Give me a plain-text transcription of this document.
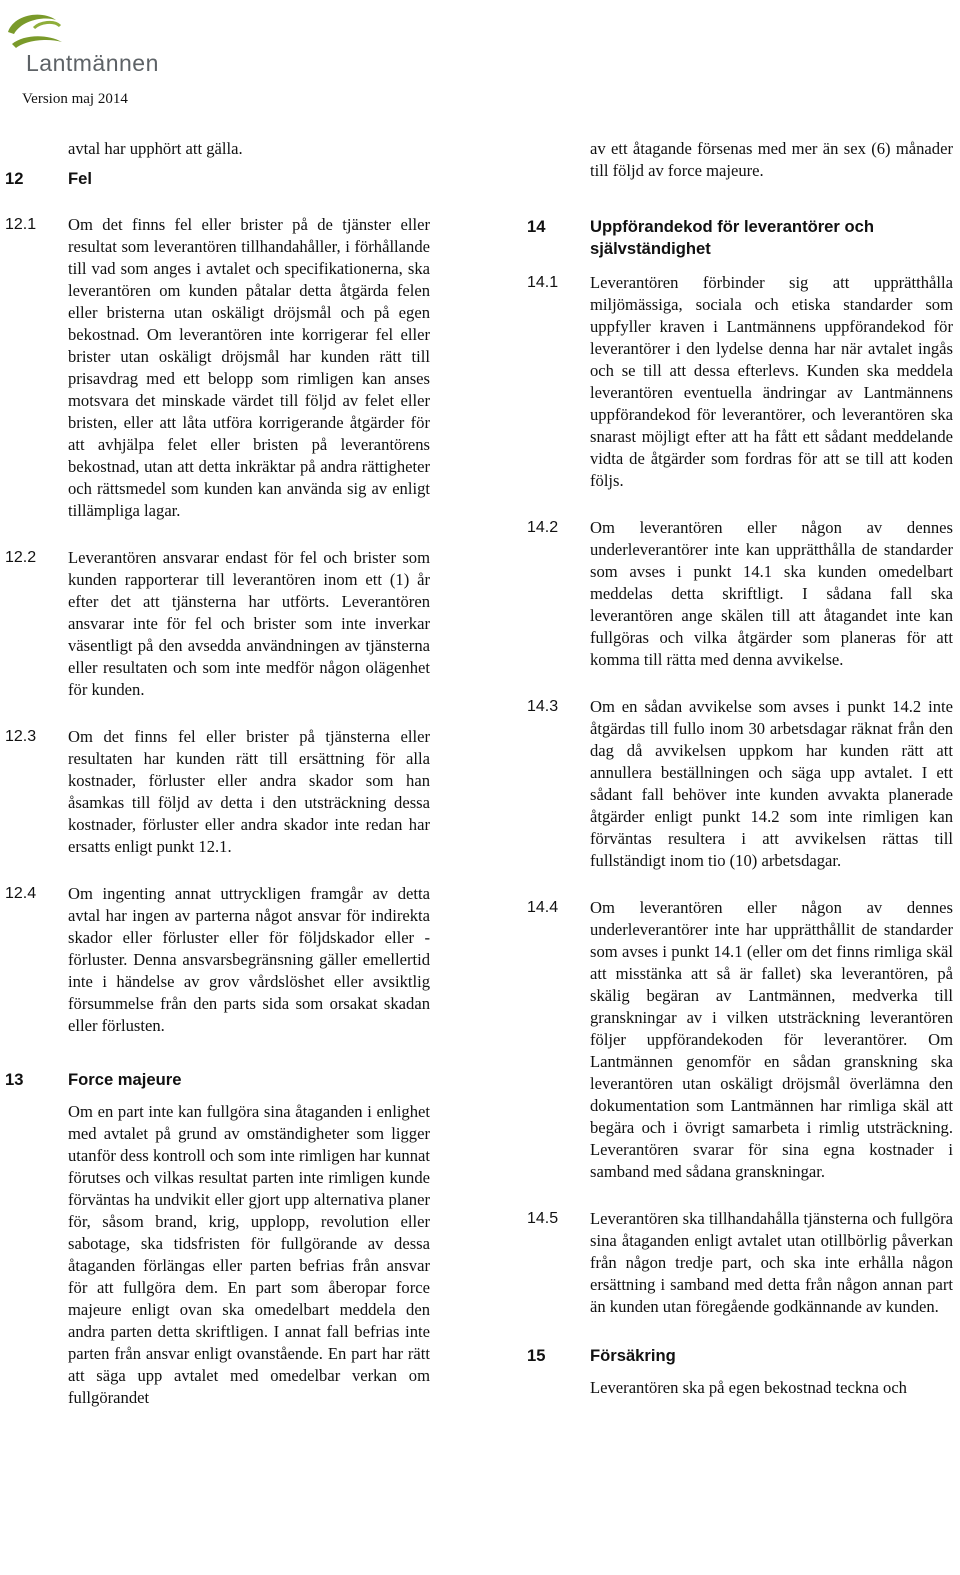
Lantmännen
Version maj 2014
avtal har upphört att gälla.
12	Fel
12.1	Om det finns fel eller brister på de tjänster eller resultat som leverantören tillhandahåller, i förhållande till vad som anges i avtalet och specifikationerna, ska leverantören om kunden påtalar detta åtgärda felen eller bristerna utan oskäligt dröjsmål och på egen bekostnad. Om leverantören inte korrigerar fel eller brister utan oskäligt dröjsmål har kunden rätt till prisavdrag med ett belopp som rimligen kan anses motsvara det minskade värdet till följd av felet eller bristen, eller att låta utföra korrigerande åtgärder för att avhjälpa felet eller bristen på leverantörens bekostnad, utan att detta inkräktar på andra rättigheter och rättsmedel som kunden kan använda sig av enligt tillämpliga lagar.
12.2	Leverantören ansvarar endast för fel och brister som kunden rapporterar till leverantören inom ett (1) år efter det att tjänsterna har utförts. Leverantören ansvarar inte för fel och brister som inte inverkar väsentligt på den avsedda användningen av tjänsterna eller resultaten och som inte medför någon olägenhet för kunden.
12.3	Om det finns fel eller brister på tjänsterna eller resultaten har kunden rätt till ersättning för alla kostnader, förluster eller andra skador som han åsamkas till följd av detta i den utsträckning dessa kostnader, förluster eller andra skador inte redan har ersatts enligt punkt 12.1.
12.4	Om ingenting annat uttryckligen framgår av detta avtal har ingen av parterna något ansvar för indirekta skador eller förluster eller för följdskador eller -förluster. Denna ansvarsbegränsning gäller emellertid inte i händelse av grov vårdslöshet eller avsiktlig försummelse från den parts sida som orsakat skadan eller förlusten.
13	Force majeure
Om en part inte kan fullgöra sina åtaganden i enlighet med avtalet på grund av omständigheter som ligger utanför dess kontroll och som inte rimligen har kunnat förutses och vilkas resultat parten inte rimligen kunde förväntas ha undvikit eller gjort upp alternativa planer för, såsom brand, krig, upplopp, revolution eller sabotage, ska tidsfristen för fullgörande av dessa åtaganden förlängas eller parten befrias från ansvar för att fullgöra dem. En part som åberopar force majeure enligt ovan ska omedelbart meddela den andra parten detta skriftligen. I annat fall befrias inte parten från ansvar enligt ovanstående. En part har rätt att säga upp avtalet med omedelbar verkan om fullgörandet
av ett åtagande försenas med mer än sex (6) månader till följd av force majeure.
14	Uppförandekod för leverantörer och självständighet
14.1	Leverantören förbinder sig att upprätthålla miljömässiga, sociala och etiska standarder som uppfyller kraven i Lantmännens uppförandekod för leverantörer i den lydelse denna har när avtalet ingås och se till att dessa efterlevs. Kunden ska meddela leverantören eventuella ändringar av Lantmännens uppförandekod för leverantörer, och leverantören ska snarast möjligt efter att ha fått ett sådant meddelande vidta de åtgärder som fordras för att se till att koden följs.
14.2	Om leverantören eller någon av dennes underleverantörer inte kan upprätthålla de standarder som avses i punkt 14.1 ska kunden omedelbart meddelas detta skriftligt. I sådana fall ska leverantören ange skälen till att åtagandet inte kan fullgöras och vilka åtgärder som planeras för att komma till rätta med denna avvikelse.
14.3	Om en sådan avvikelse som avses i punkt 14.2 inte åtgärdas till fullo inom 30 arbetsdagar räknat från den dag då avvikelsen uppkom har kunden rätt att annullera beställningen och säga upp avtalet. I ett sådant fall behöver inte kunden avvakta planerade åtgärder enligt punkt 14.2 som inte rimligen kan förväntas resultera i att avvikelsen rättas till fullständigt inom tio (10) arbetsdagar.
14.4	Om leverantören eller någon av dennes underleverantörer inte har upprätthållit de standarder som avses i punkt 14.1 (eller om det finns rimliga skäl att misstänka att så är fallet) ska leverantören, på skälig begäran av Lantmännen, medverka till granskningar av i vilken utsträckning leverantören följer uppförandekoden för leverantörer. Om Lantmännen genomför en sådan granskning ska leverantören utan oskäligt dröjsmål överlämna den dokumentation som Lantmännen har rimliga skäl att begära och i övrigt samarbeta i rimlig utsträckning. Leverantören svarar för sina egna kostnader i samband med sådana granskningar.
14.5	Leverantören ska tillhandahålla tjänsterna och fullgöra sina åtaganden enligt avtalet utan otillbörlig påverkan från någon tredje part, och ska inte erhålla någon ersättning i samband med detta från någon annan part än kunden utan föregående godkännande av kunden.
15	Försäkring
Leverantören ska på egen bekostnad teckna och
